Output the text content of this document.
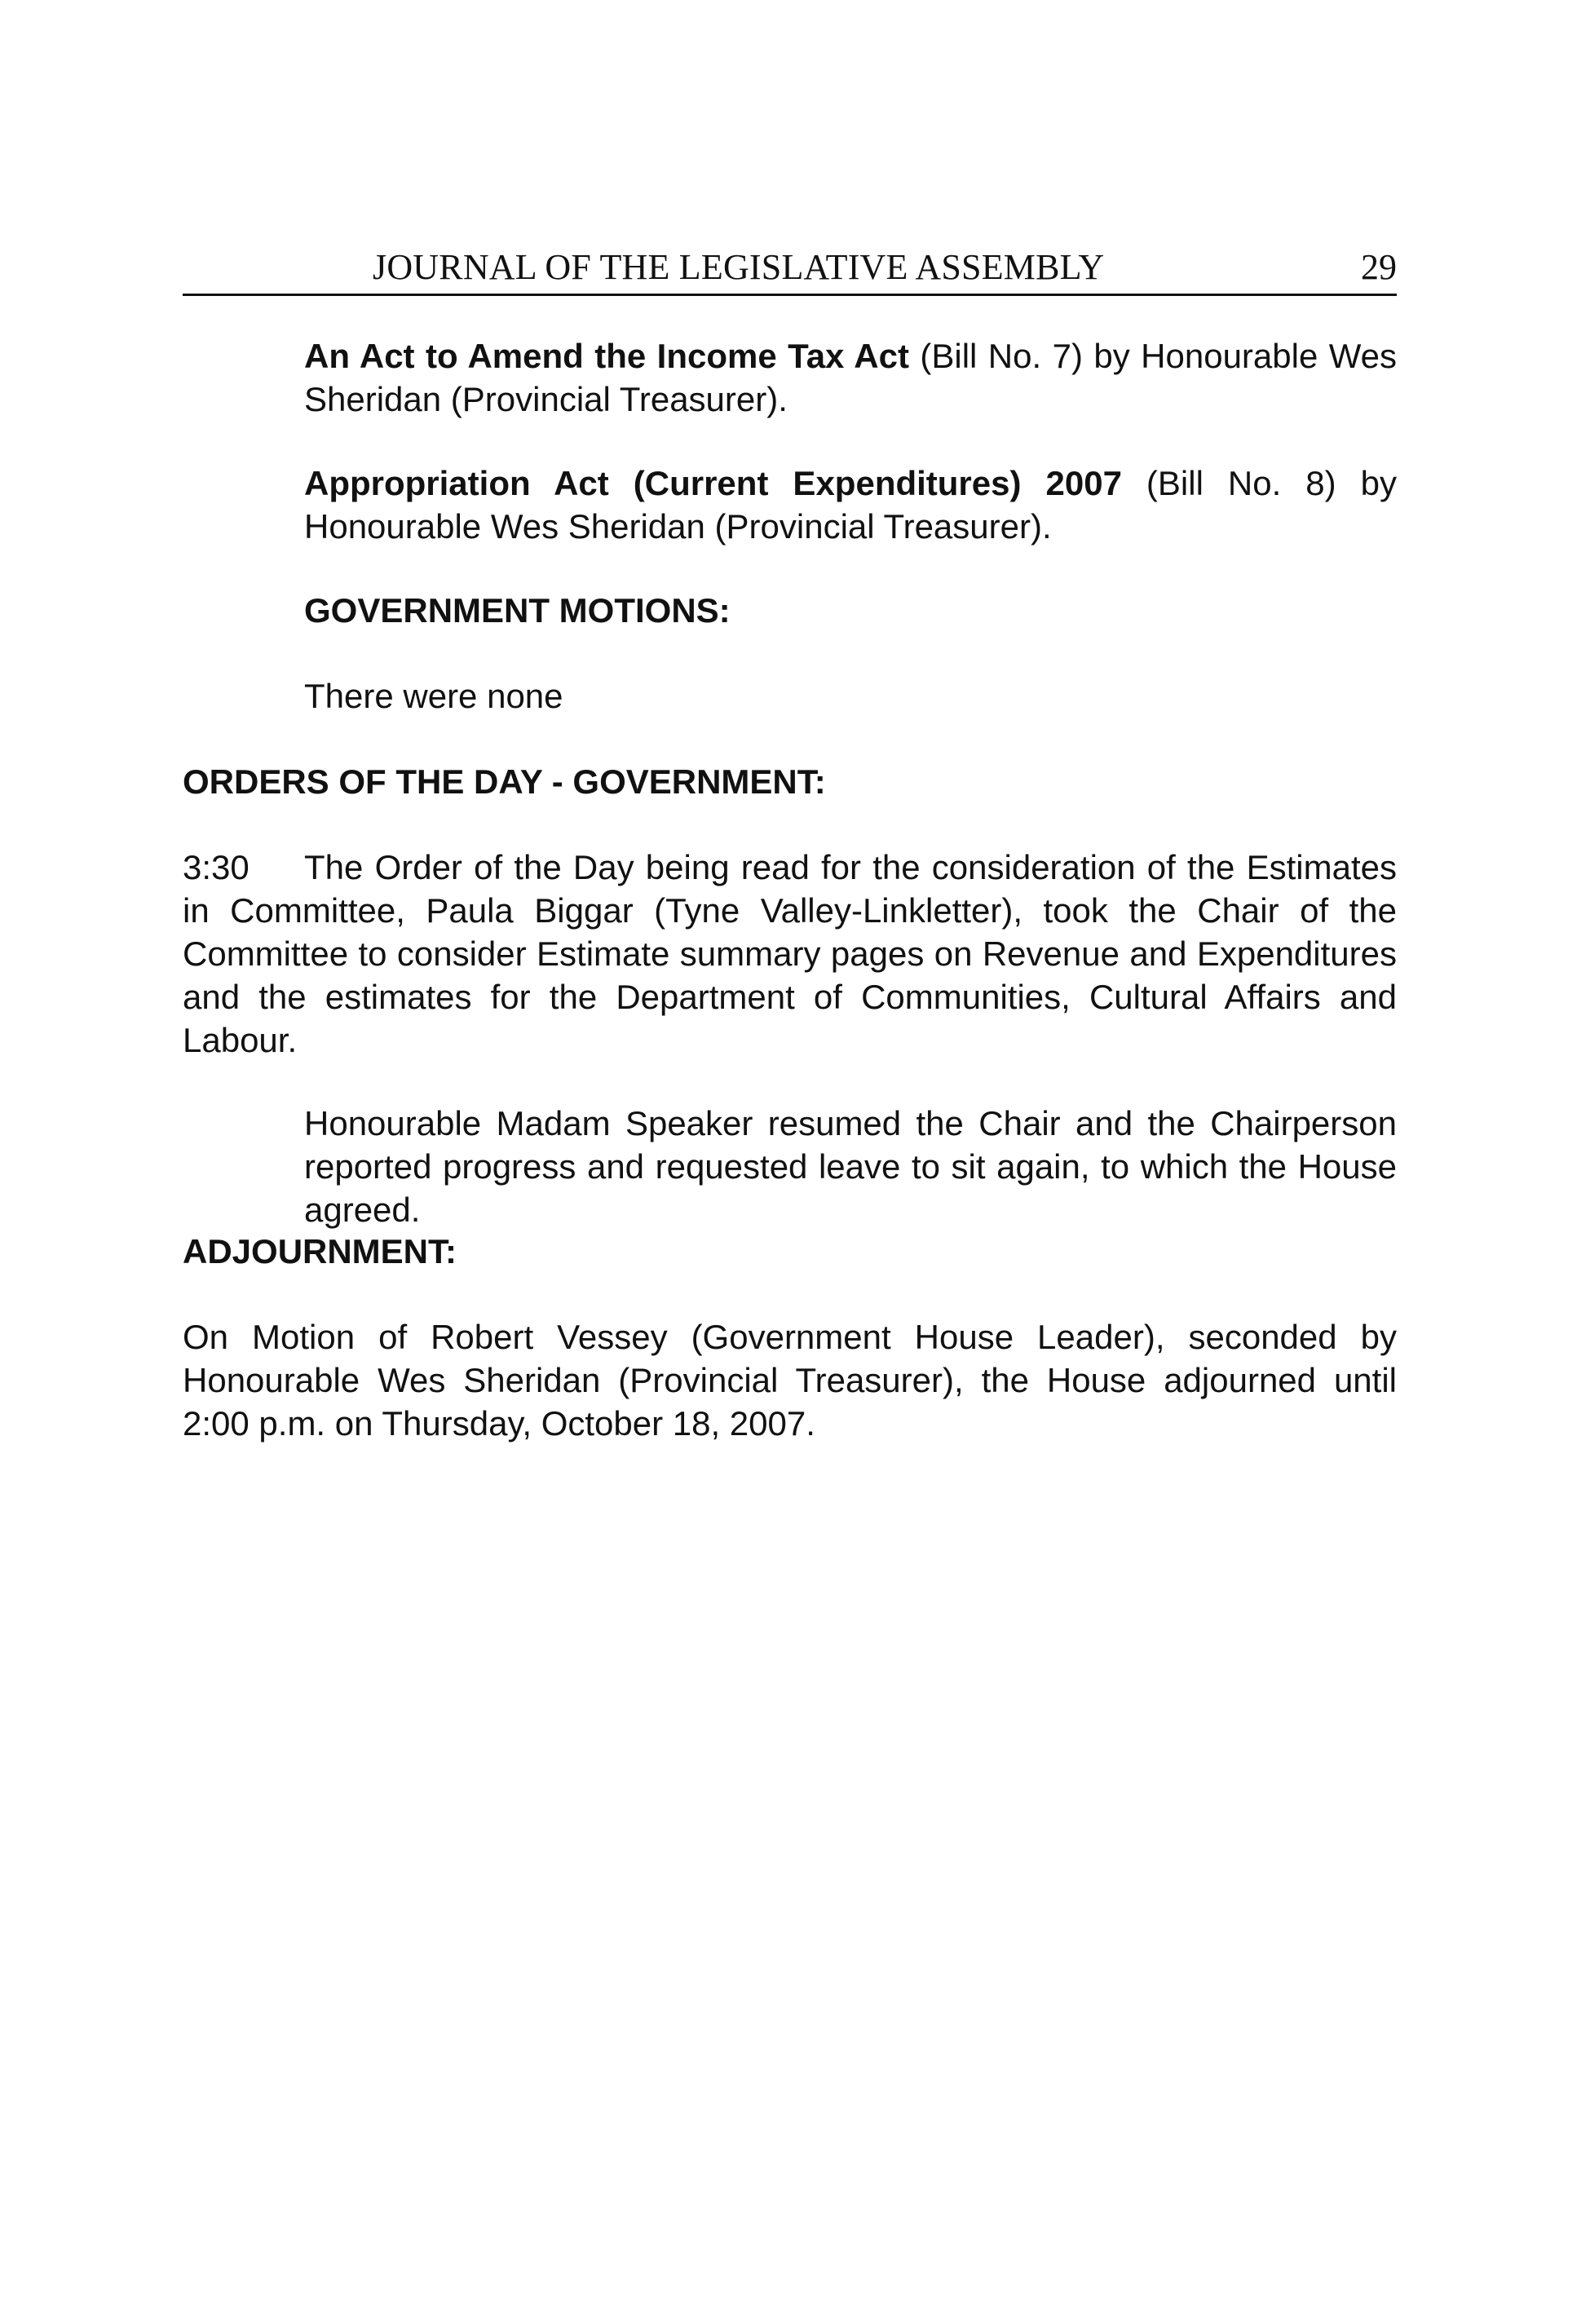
JOURNAL OF THE LEGISLATIVE ASSEMBLY	29

An Act to Amend the Income Tax Act (Bill No. 7) by Honourable Wes Sheridan (Provincial Treasurer).

Appropriation Act (Current Expenditures) 2007 (Bill No. 8) by Honourable Wes Sheridan (Provincial Treasurer).

GOVERNMENT MOTIONS:

There were none

ORDERS OF THE DAY - GOVERNMENT:

3:30 The Order of the Day being read for the consideration of the Estimates in Committee, Paula Biggar (Tyne Valley-Linkletter), took the Chair of the Committee to consider Estimate summary pages on Revenue and Expenditures and the estimates for the Department of Communities, Cultural Affairs and Labour.

Honourable Madam Speaker resumed the Chair and the Chairperson reported progress and requested leave to sit again, to which the House agreed.

ADJOURNMENT:

On Motion of Robert Vessey (Government House Leader), seconded by Honourable Wes Sheridan (Provincial Treasurer), the House adjourned until 2:00 p.m. on Thursday, October 18, 2007.
